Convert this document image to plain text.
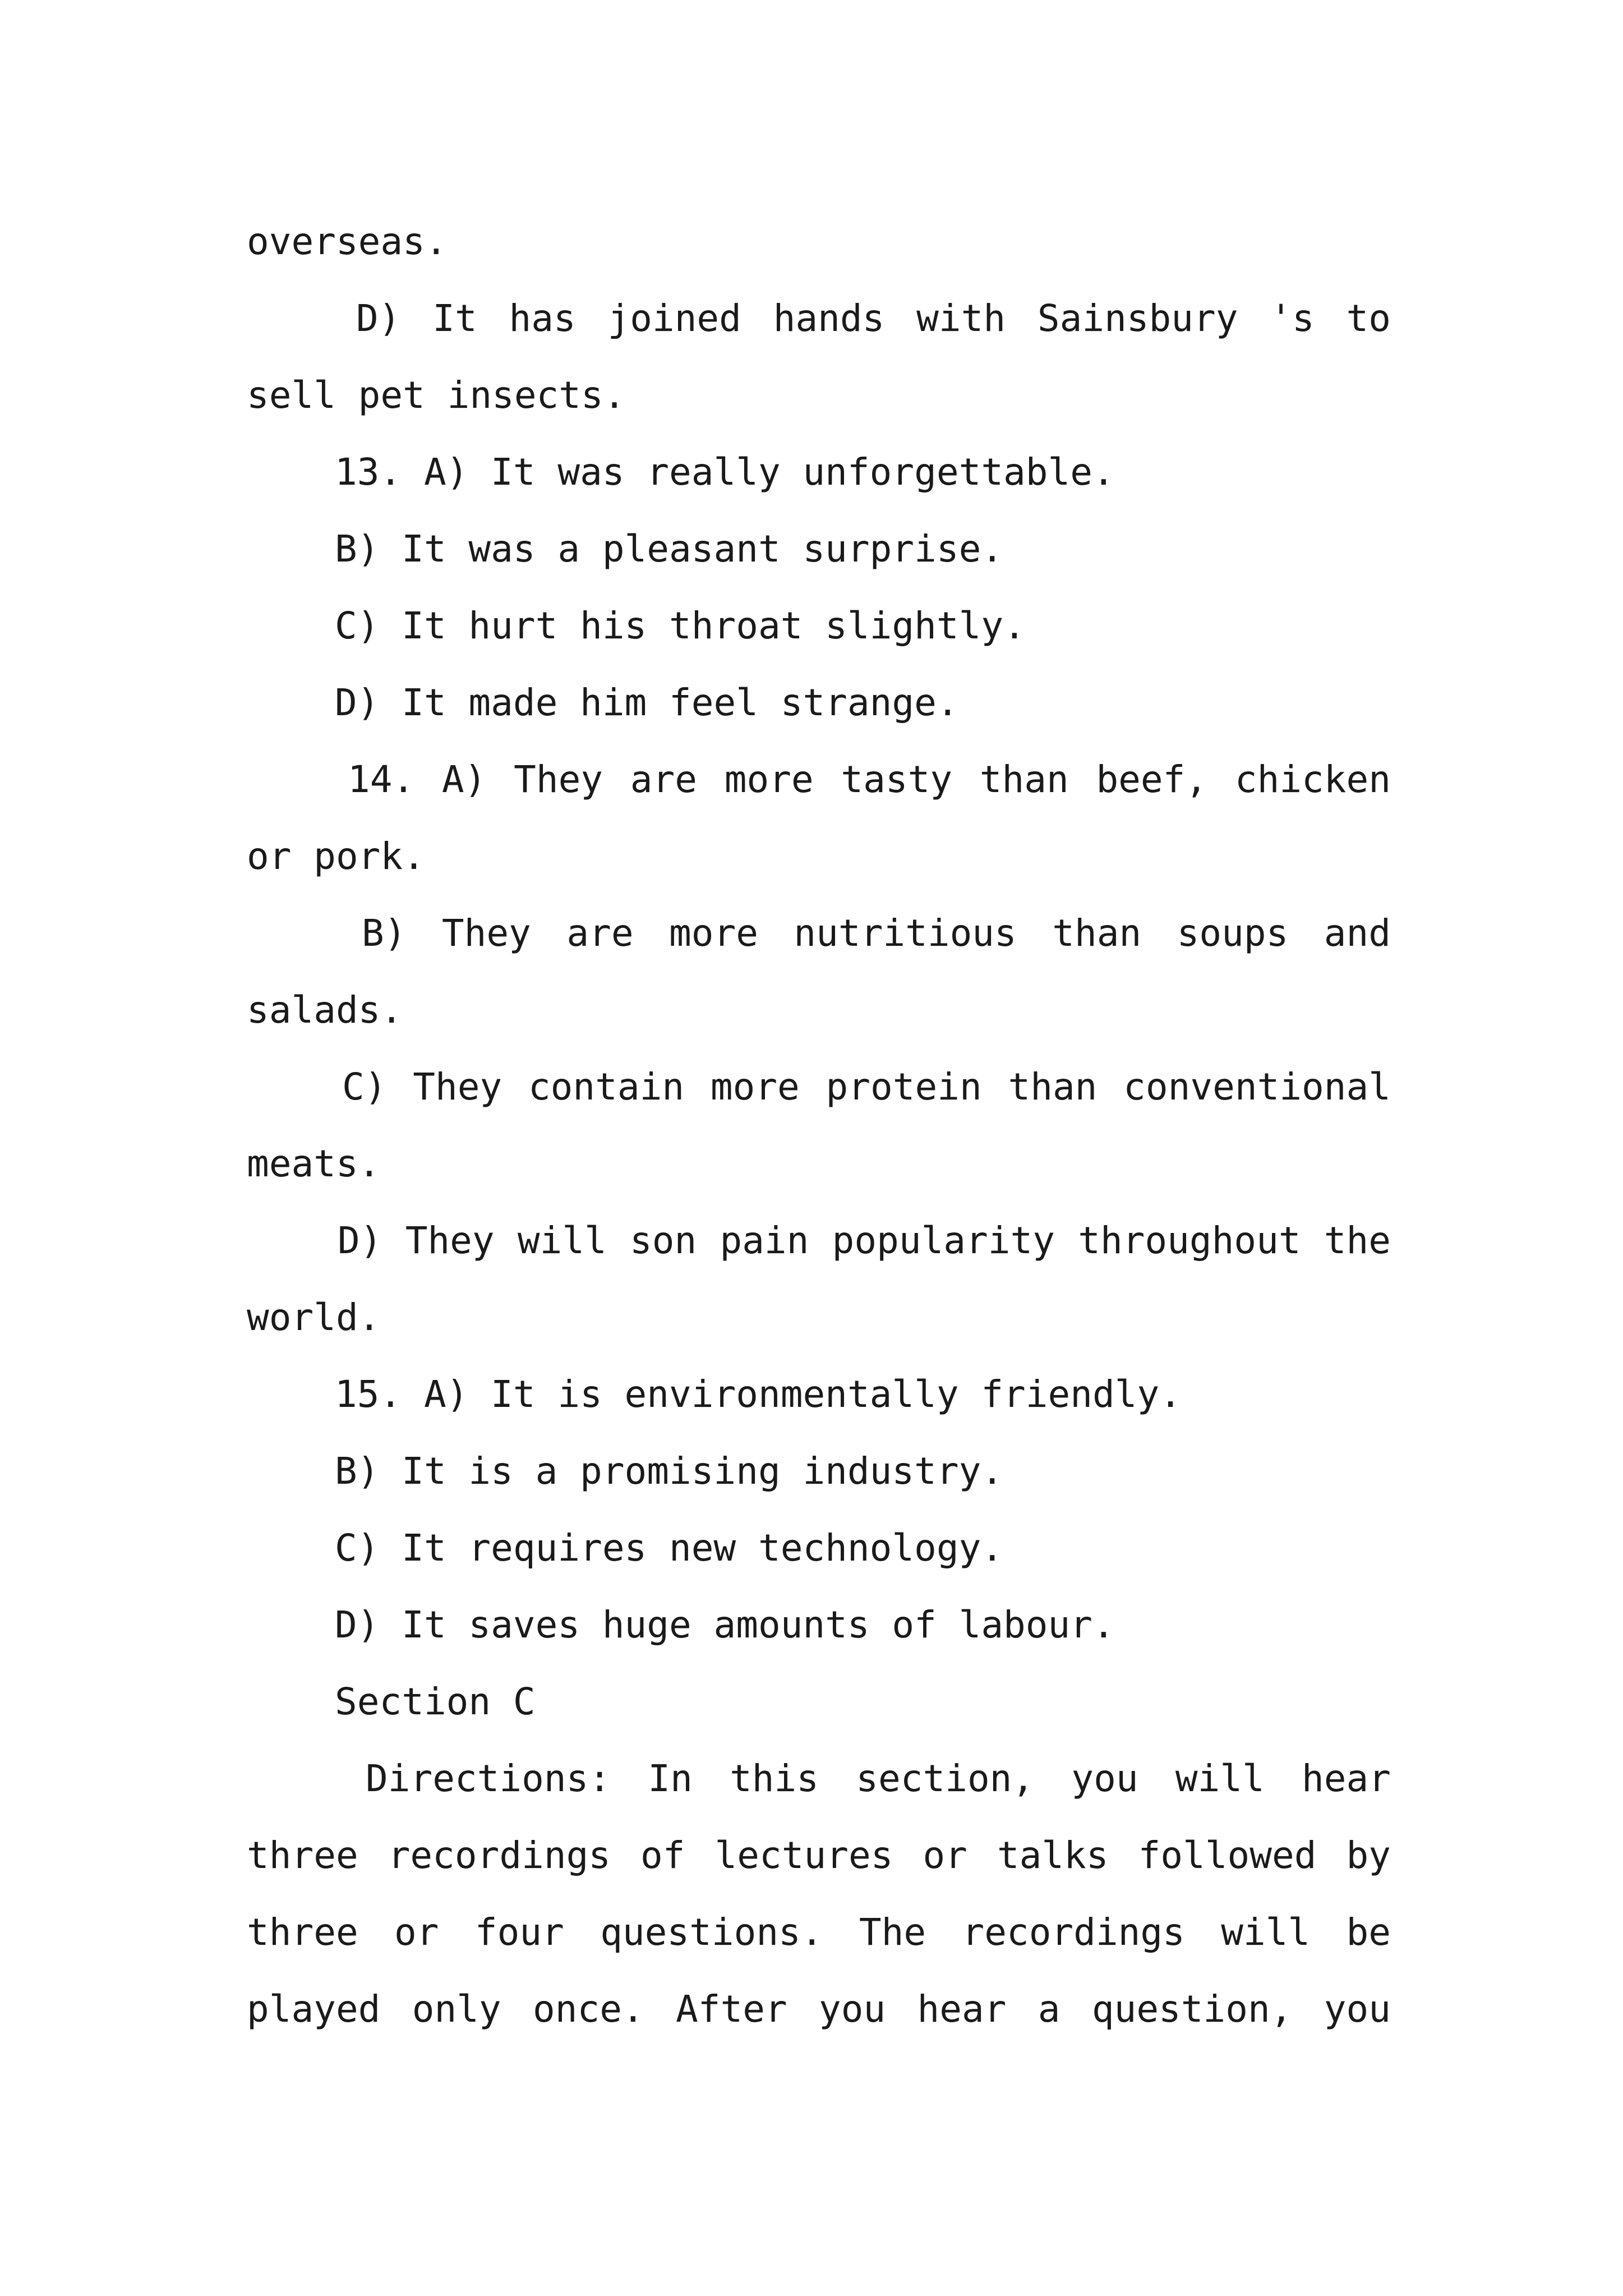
overseas.
D) It has joined hands with Sainsbury 's to
sell pet insects.
13. A) It was really unforgettable.
B) It was a pleasant surprise.
C) It hurt his throat slightly.
D) It made him feel strange.
14. A) They are more tasty than beef, chicken
or pork.
B) They are more nutritious than soups and
salads.
C) They contain more protein than conventional
meats.
D) They will son pain popularity throughout the
world.
15. A) It is environmentally friendly.
B) It is a promising industry.
C) It requires new technology.
D) It saves huge amounts of labour.
Section C
Directions: In this section, you will hear
three recordings of lectures or talks followed by
three or four questions. The recordings will be
played only once. After you hear a question, you
